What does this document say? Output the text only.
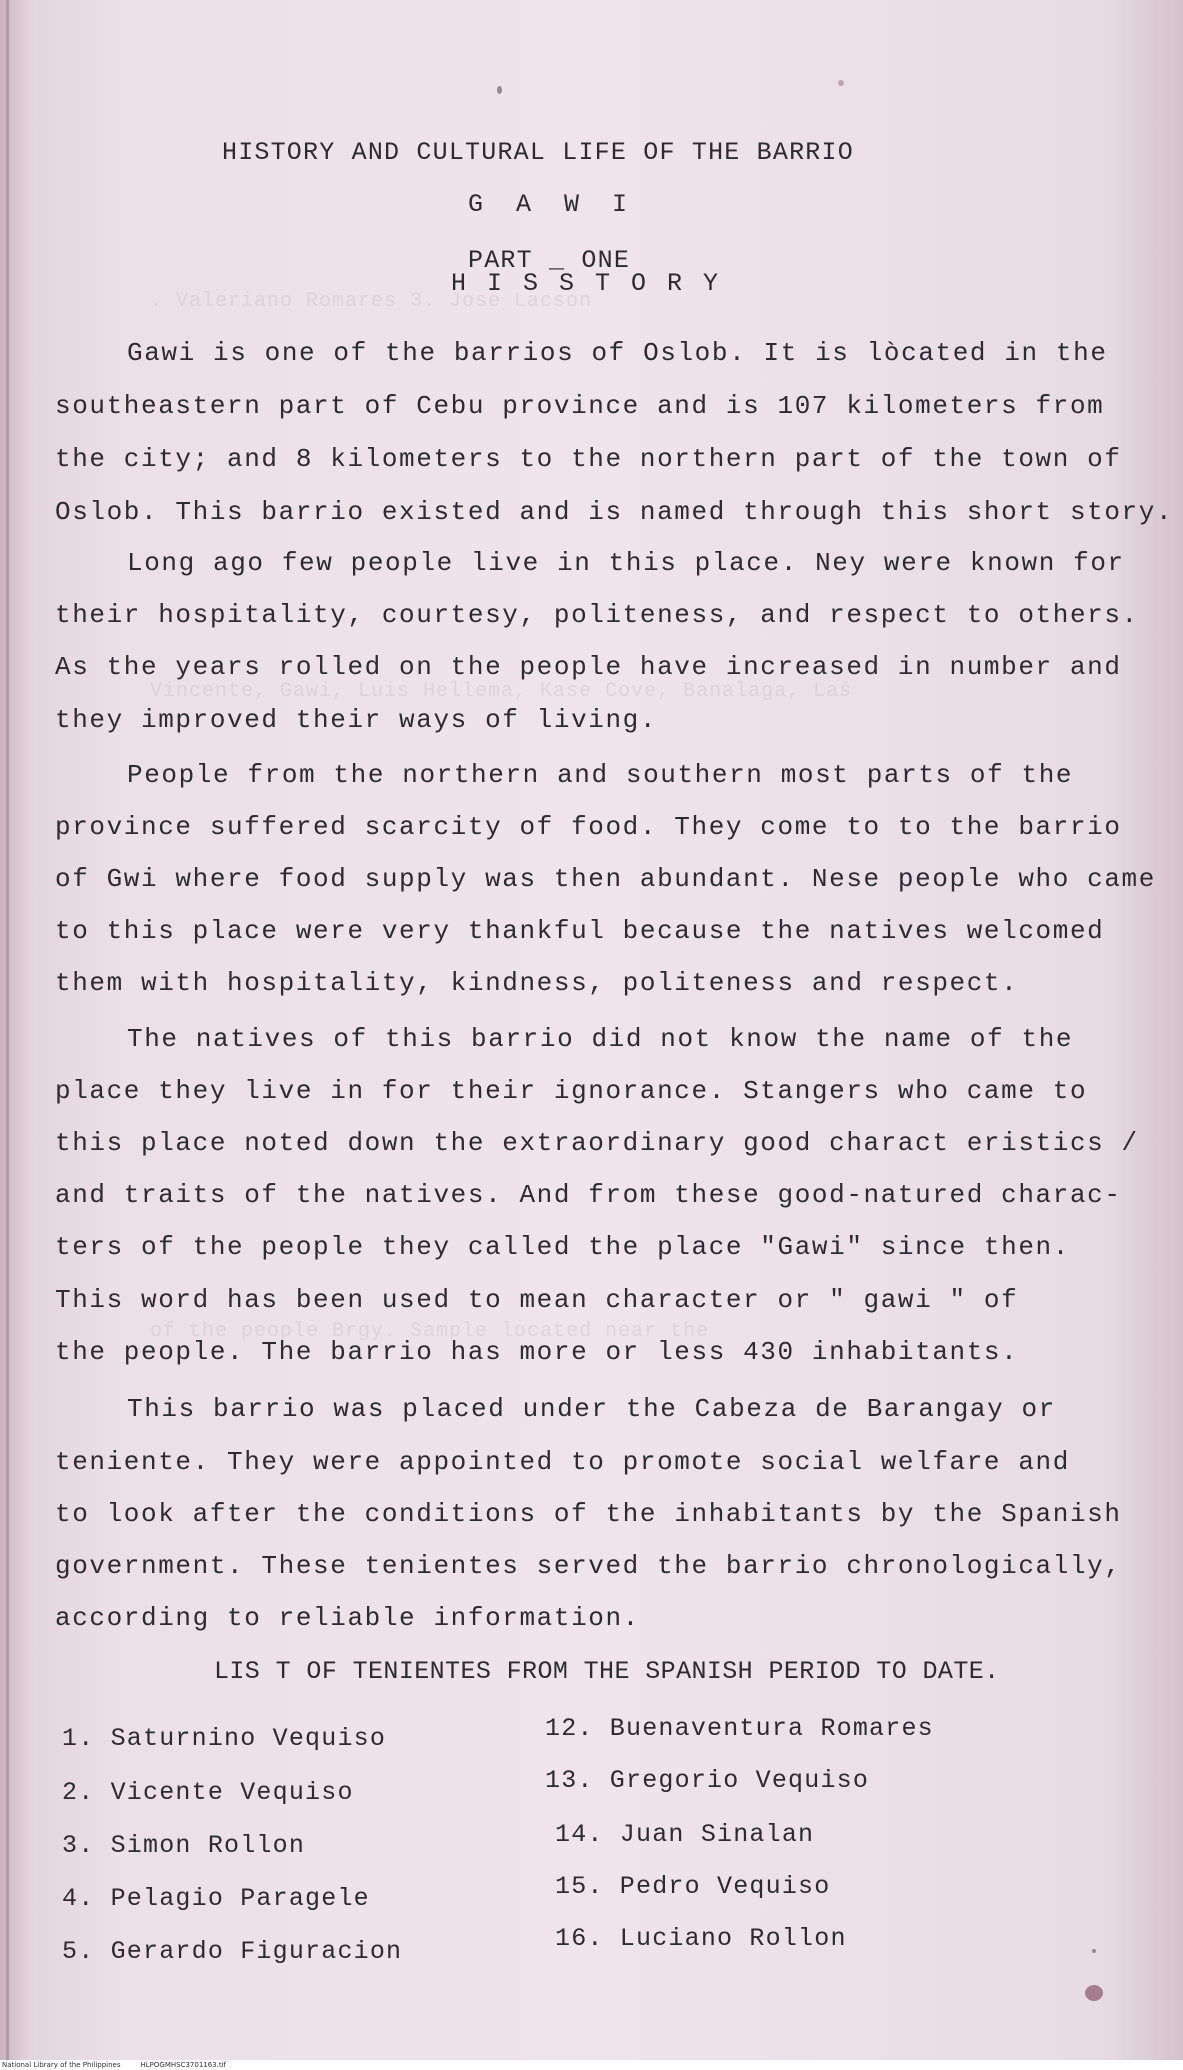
. Valeriano Romares 3. Jose Lacson
Vincente, Gawi, Luis Hellema, Kase Cove, Banalaga, Laš
of the people Brgy. Sample located near the
HISTORY AND CULTURAL LIFE OF THE BARRIO
G A W I
PART _ ONE
H I S S T O R Y
Gawi is one of the barrios of Oslob. It is lòcated in the
southeastern part of Cebu province and is 107 kilometers from
the city; and 8 kilometers to the northern part of the town of
Oslob. This barrio existed and is named through this short story.
Long ago few people live in this place. Ney were known for
their hospitality, courtesy, politeness, and respect to others.
As the years rolled on the people have increased in number and
they improved their ways of living.
People from the northern and southern most parts of the
province suffered scarcity of food. They come to to the barrio
of Gwi where food supply was then abundant. Nese people who came
to this place were very thankful because the natives welcomed
them with hospitality, kindness, politeness and respect.
The natives of this barrio did not know the name of the
place they live in for their ignorance. Stangers who came to
this place noted down the extraordinary good charact eristics /
and traits of the natives. And from these good-natured charac-
ters of the people they called the place "Gawi" since then.
This word has been used to mean character or " gawi " of
the people. The barrio has more or less 430 inhabitants.
This barrio was placed under the Cabeza de Barangay or
teniente. They were appointed to promote social welfare and
to look after the conditions of the inhabitants by the Spanish
government. These tenientes served the barrio chronologically,
according to reliable information.
LIS T OF TENIENTES FROM THE SPANISH PERIOD TO DATE.
1. Saturnino Vequiso
2. Vicente Vequiso
3. Simon Rollon
4. Pelagio Paragele
5. Gerardo Figuracion
12. Buenaventura Romares
13. Gregorio Vequiso
14. Juan Sinalan
15. Pedro Vequiso
16. Luciano Rollon
National Library of the Philippines	HLPOGMHSC3701163.tif
